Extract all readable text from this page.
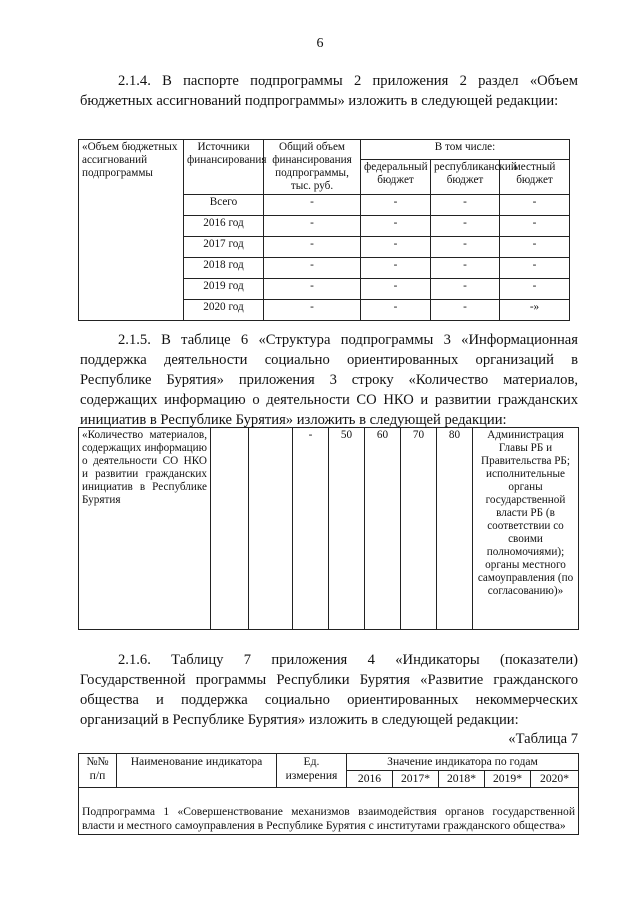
6
2.1.4. В паспорте подпрограммы 2 приложения 2 раздел «Объем бюджетных ассигнований подпрограммы» изложить в следующей редакции:
«Объем бюджетных ассигнований подпрограммы	Источники финансирования	Общий объем финансирования подпрограммы, тыс. руб.	В том числе:		
			федеральный бюджет	республиканский бюджет	местный бюджет
	Всего	-	-	-	-
	2016 год	-	-	-	-
	2017 год	-	-	-	-
	2018 год	-	-	-	-
	2019 год	-	-	-	-
	2020 год	-	-	-	-»
2.1.5. В таблице 6 «Структура подпрограммы 3 «Информационная поддержка деятельности социально ориентированных организаций в Республике Бурятия» приложения 3 строку «Количество материалов, содержащих информацию о деятельности СО НКО и развитии гражданских инициатив в Республике Бурятия» изложить в следующей редакции:
«Количество материалов, содержащих информацию о деятельности СО НКО и развитии гражданских инициатив в Республике Бурятия			-	50	60	70	80	Администрация Главы РБ и Правительства РБ; исполнительные органы государственной власти РБ (в соответствии со своими полномочиями); органы местного самоуправления (по согласованию)»
2.1.6. Таблицу 7 приложения 4 «Индикаторы (показатели) Государственной программы Республики Бурятия «Развитие гражданского общества и поддержка социально ориентированных некоммерческих организаций в Республике Бурятия» изложить в следующей редакции:
«Таблица 7
№№ п/п	Наименование индикатора	Ед. измерения	Значение индикатора по годам				
			2016	2017*	2018*	2019*	2020*

Подпрограмма 1 «Совершенствование механизмов взаимодействия органов государственной власти и местного самоуправления в Республике Бурятия с институтами гражданского общества»							
